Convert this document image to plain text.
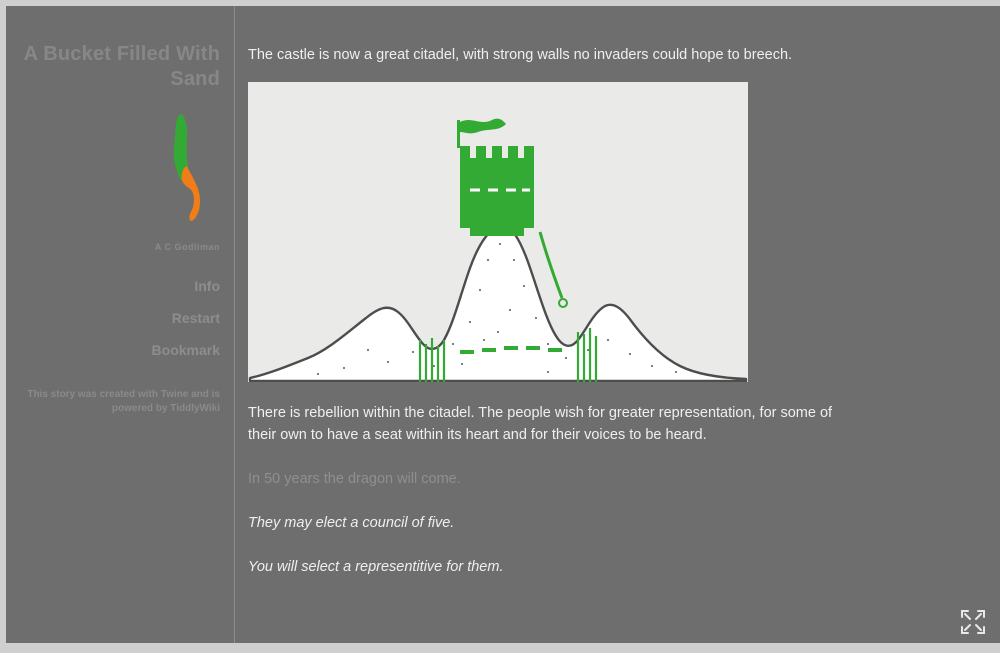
A Bucket Filled With Sand
A C Godliman
Info
Restart
Bookmark
This story was created with Twine and is powered by TiddlyWiki

The castle is now a great citadel, with strong walls no invaders could hope to breech.

There is rebellion within the citadel. The people wish for greater representation, for some of their own to have a seat within its heart and for their voices to be heard.

In 50 years the dragon will come.

They may elect a council of five.

You will select a representitive for them.
